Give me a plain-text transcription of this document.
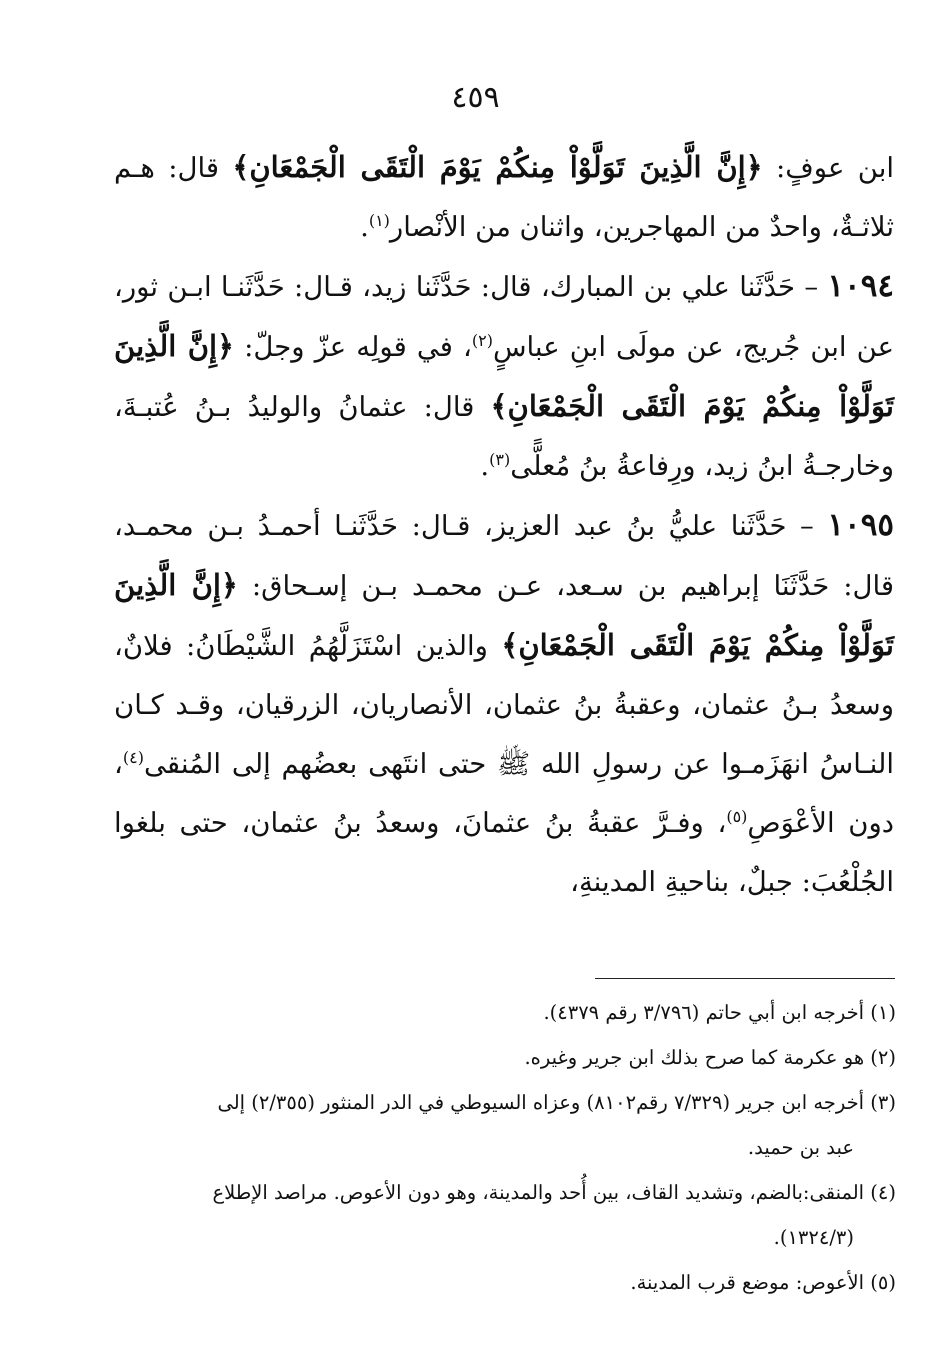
٤٥٩

ابن عوفٍ: ﴿إِنَّ الَّذِينَ تَوَلَّوْاْ مِنكُمْ يَوْمَ الْتَقَى الْجَمْعَانِ﴾ قال: هـم ثلاثـةٌ، واحدٌ من المهاجرين، واثنان من الأنْصار$^{(١)}$.

١٠٩٤ – حَدَّثَنا علي بن المبارك، قال: حَدَّثَنا زيد، قـال: حَدَّثَنـا ابـن ثور، عن ابن جُريج، عن مولَى ابنِ عباسٍ$^{(٢)}$، في قولِه عزّ وجلّ: ﴿إِنَّ الَّذِينَ تَوَلَّوْاْ مِنكُمْ يَوْمَ الْتَقَى الْجَمْعَانِ﴾ قال: عثمانُ والوليدُ بـنُ عُتبـةَ، وخارجـةُ ابنُ زيد، ورِفاعةُ بنُ مُعلًّى$^{(٣)}$.

١٠٩٥ – حَدَّثَنا عليُّ بنُ عبد العزيز، قـال: حَدَّثَنـا أحمـدُ بـن محمـد، قال: حَدَّثَنَا إبراهيم بن سـعد، عـن محمـد بـن إسـحاق: ﴿إِنَّ الَّذِينَ تَوَلَّوْاْ مِنكُمْ يَوْمَ الْتَقَى الْجَمْعَانِ﴾ والذين اسْتَزَلَّهُمُ الشَّيْطَانُ: فلانٌ، وسعدُ بـنُ عثمان، وعقبةُ بنُ عثمان، الأنصاريان، الزرقيان، وقـد كـان النـاسُ انهَزَمـوا عن رسولِ الله ﷺ حتى انتَهى بعضُهم إلى المُنقى$^{(٤)}$، دون الأعْوَصِ$^{(٥)}$، وفـرَّ عقبةُ بنُ عثمانَ، وسعدُ بنُ عثمان، حتى بلغوا الجُلْعُبَ: جبلٌ، بناحيةِ المدينةِ،

(١) أخرجه ابن أبي حاتم (٣/٧٩٦ رقم ٤٣٧٩).

(٢) هو عكرمة كما صرح بذلك ابن جرير وغيره.

(٣) أخرجه ابن جرير (٧/٣٢٩ رقم٨١٠٢) وعزاه السيوطي في الدر المنثور (٢/٣٥٥) إلى

عبد بن حميد.

(٤) المنقى:بالضم، وتشديد القاف، بين أُحد والمدينة، وهو دون الأعوص. مراصد الإطلاع

(١٣٢٤/٣).

(٥) الأعوص: موضع قرب المدينة.
